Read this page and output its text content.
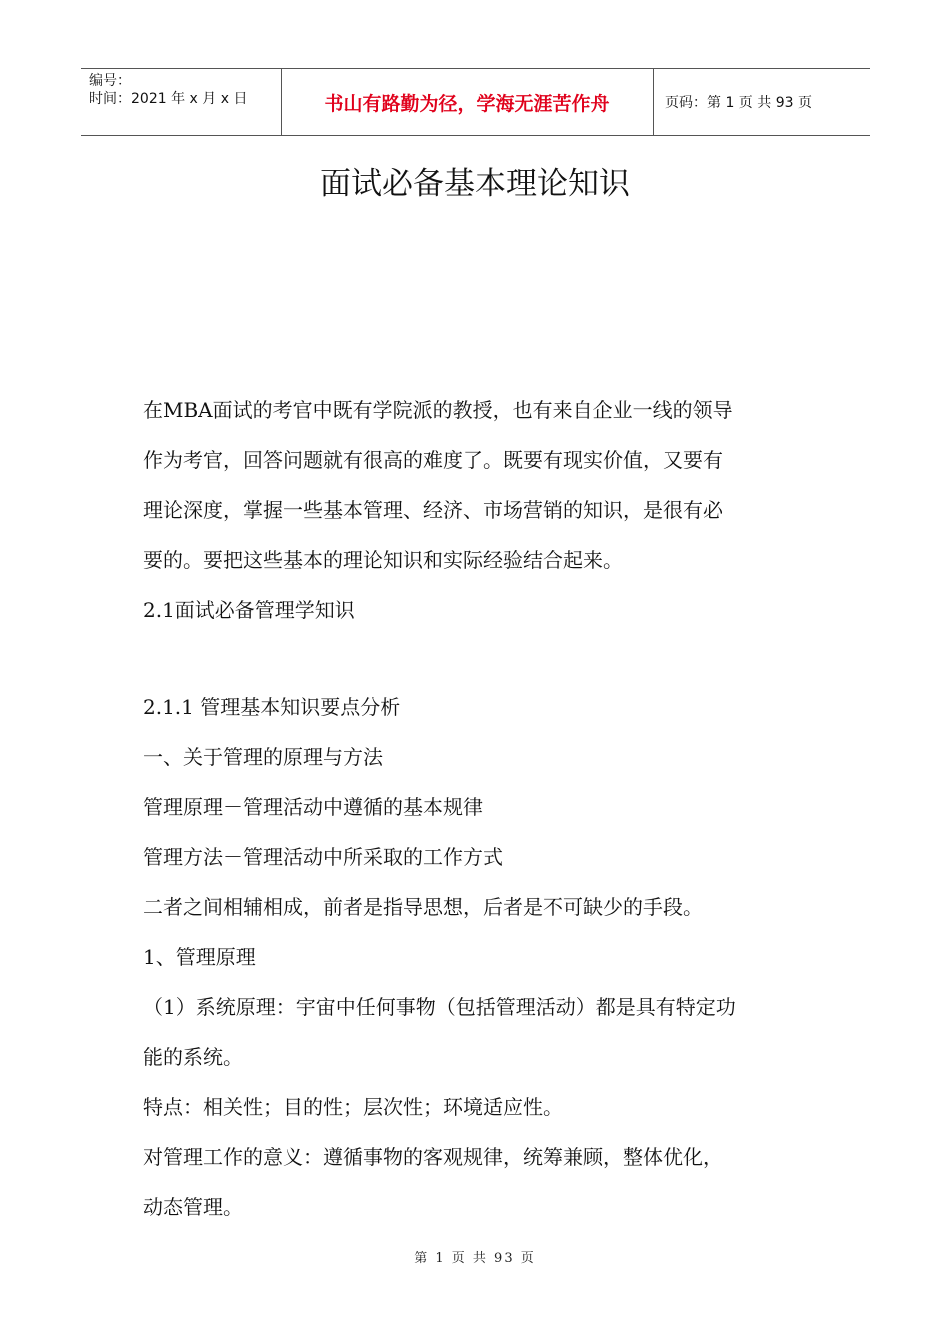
编号：
时间：2021 年 x 月 x 日	书山有路勤为径，学海无涯苦作舟	页码：第 1 页 共 93 页
面试必备基本理论知识

在MBA面试的考官中既有学院派的教授，也有来自企业一线的领导

作为考官，回答问题就有很高的难度了。既要有现实价值，又要有

理论深度，掌握一些基本管理、经济、市场营销的知识，是很有必

要的。要把这些基本的理论知识和实际经验结合起来。

2.1面试必备管理学知识

2.1.1 管理基本知识要点分析

一、关于管理的原理与方法

管理原理－管理活动中遵循的基本规律

管理方法－管理活动中所采取的工作方式

二者之间相辅相成，前者是指导思想，后者是不可缺少的手段。

1、管理原理

（1）系统原理：宇宙中任何事物（包括管理活动）都是具有特定功

能的系统。

特点：相关性；目的性；层次性；环境适应性。

对管理工作的意义：遵循事物的客观规律，统筹兼顾，整体优化，

动态管理。

第 1 页 共 93 页
